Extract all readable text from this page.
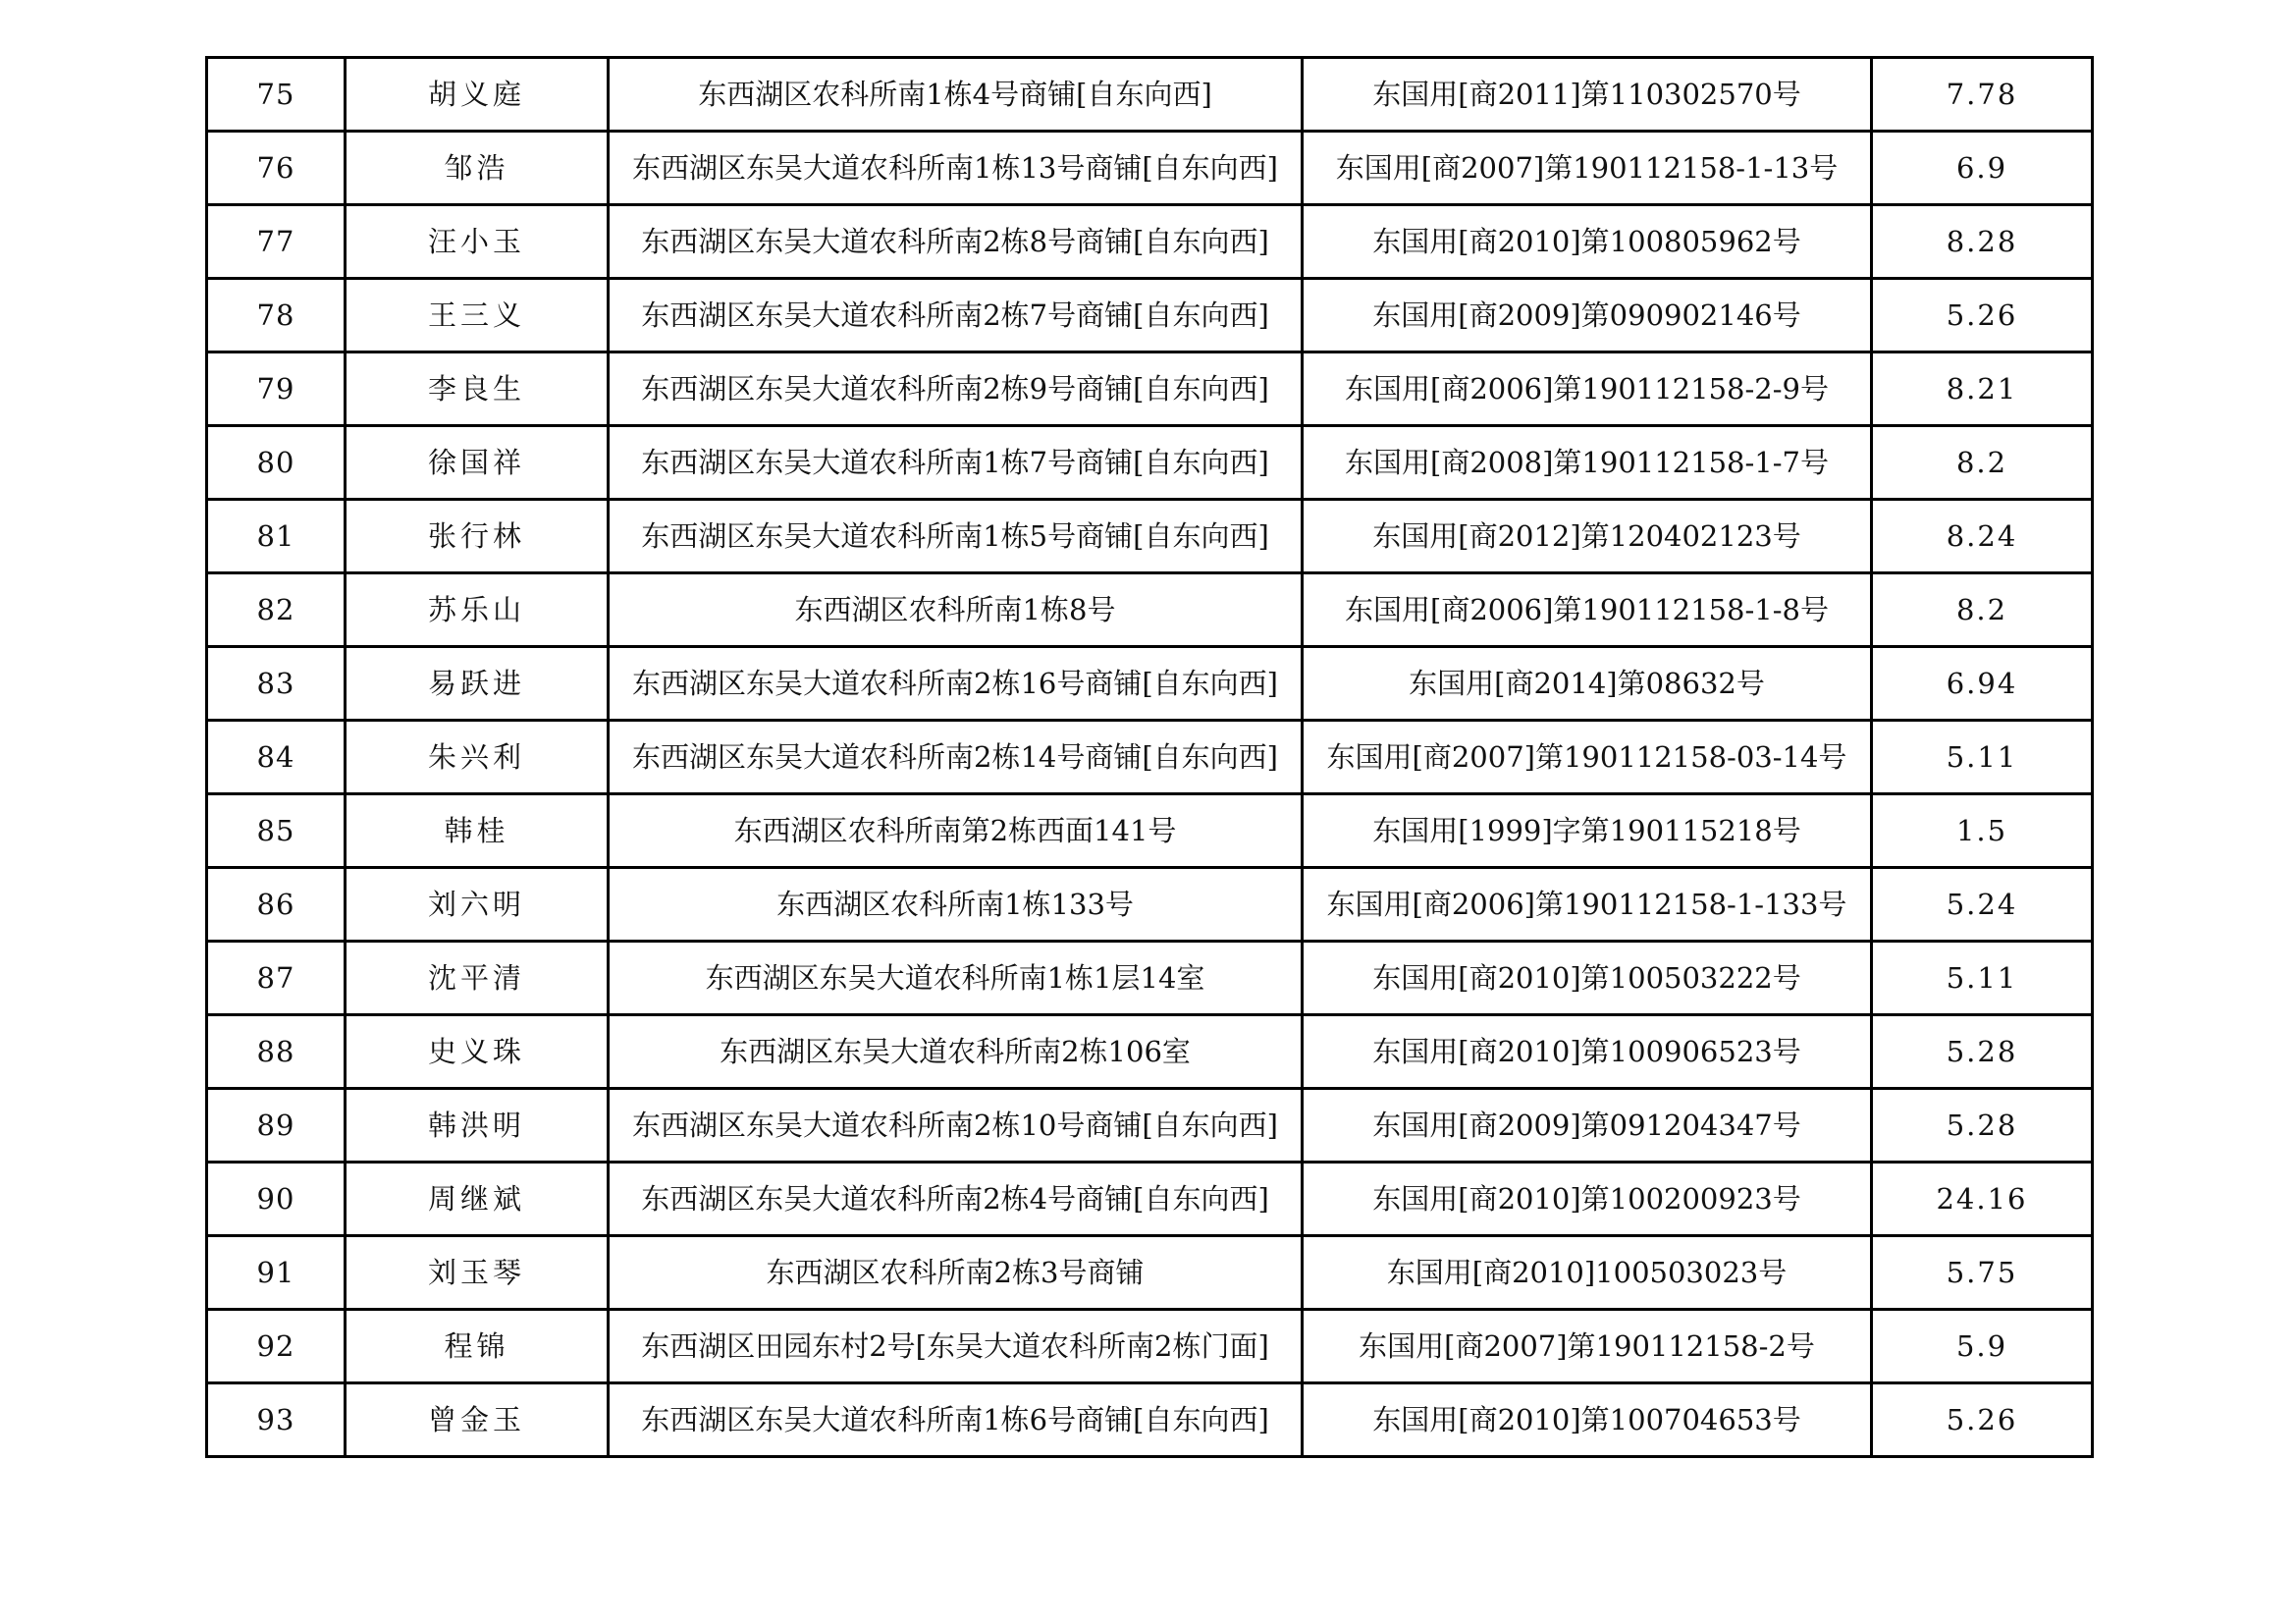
75	胡义庭	东西湖区农科所南1栋4号商铺[自东向西]	东国用[商2011]第110302570号	7.78
76	邹浩	东西湖区东吴大道农科所南1栋13号商铺[自东向西]	东国用[商2007]第190112158-1-13号	6.9
77	汪小玉	东西湖区东吴大道农科所南2栋8号商铺[自东向西]	东国用[商2010]第100805962号	8.28
78	王三义	东西湖区东吴大道农科所南2栋7号商铺[自东向西]	东国用[商2009]第090902146号	5.26
79	李良生	东西湖区东吴大道农科所南2栋9号商铺[自东向西]	东国用[商2006]第190112158-2-9号	8.21
80	徐国祥	东西湖区东吴大道农科所南1栋7号商铺[自东向西]	东国用[商2008]第190112158-1-7号	8.2
81	张行林	东西湖区东吴大道农科所南1栋5号商铺[自东向西]	东国用[商2012]第120402123号	8.24
82	苏乐山	东西湖区农科所南1栋8号	东国用[商2006]第190112158-1-8号	8.2
83	易跃进	东西湖区东吴大道农科所南2栋16号商铺[自东向西]	东国用[商2014]第08632号	6.94
84	朱兴利	东西湖区东吴大道农科所南2栋14号商铺[自东向西]	东国用[商2007]第190112158-03-14号	5.11
85	韩桂	东西湖区农科所南第2栋西面141号	东国用[1999]字第190115218号	1.5
86	刘六明	东西湖区农科所南1栋133号	东国用[商2006]第190112158-1-133号	5.24
87	沈平清	东西湖区东吴大道农科所南1栋1层14室	东国用[商2010]第100503222号	5.11
88	史义珠	东西湖区东吴大道农科所南2栋106室	东国用[商2010]第100906523号	5.28
89	韩洪明	东西湖区东吴大道农科所南2栋10号商铺[自东向西]	东国用[商2009]第091204347号	5.28
90	周继斌	东西湖区东吴大道农科所南2栋4号商铺[自东向西]	东国用[商2010]第100200923号	24.16
91	刘玉琴	东西湖区农科所南2栋3号商铺	东国用[商2010]100503023号	5.75
92	程锦	东西湖区田园东村2号[东吴大道农科所南2栋门面]	东国用[商2007]第190112158-2号	5.9
93	曾金玉	东西湖区东吴大道农科所南1栋6号商铺[自东向西]	东国用[商2010]第100704653号	5.26
